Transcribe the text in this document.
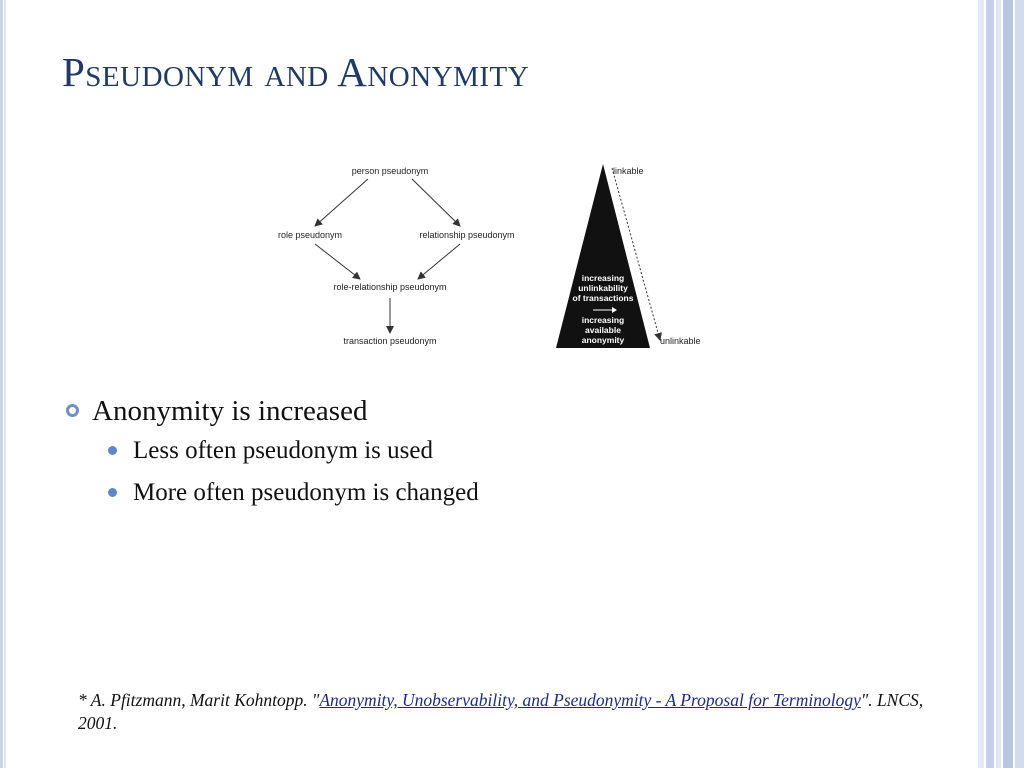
Pseudonym and Anonymity
person pseudonym
role pseudonym	relationship pseudonym
role-relationship pseudonym
transaction pseudonym
linkable
unlinkable
increasing
unlinkability
of transactions
increasing
available
anonymity
Anonymity is increased
Less often pseudonym is used
More often pseudonym is changed
* A. Pfitzmann, Marit Kohntopp. "Anonymity, Unobservability, and Pseudonymity - A Proposal for Terminology". LNCS, 2001.
